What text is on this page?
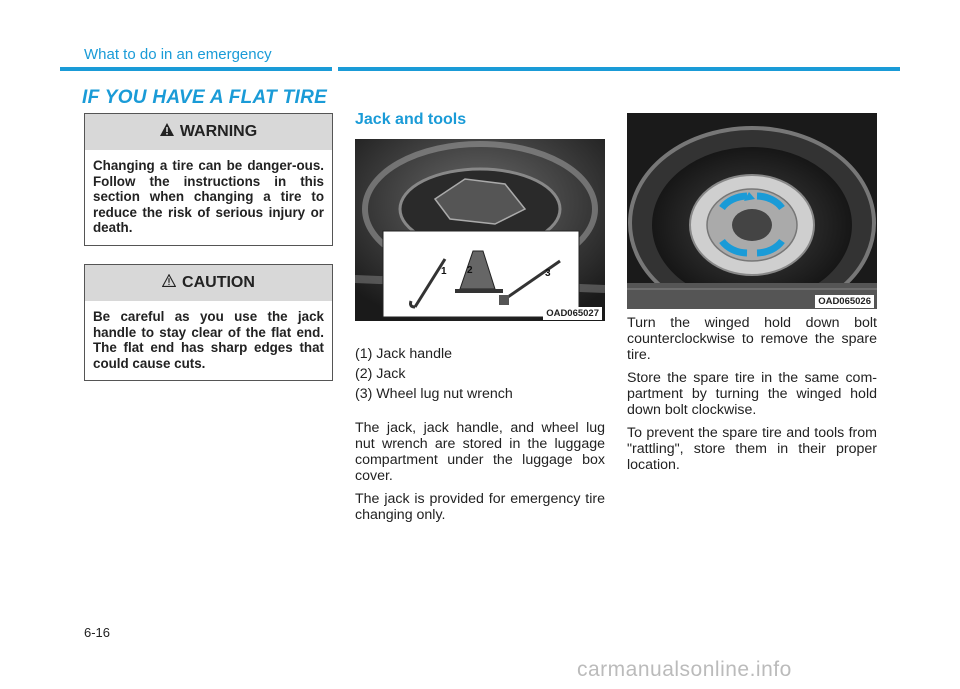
What to do in an emergency
IF YOU HAVE A FLAT TIRE
WARNING
Changing a tire can be danger-ous. Follow the instructions in this section when changing a tire to reduce the risk of serious injury or death.
CAUTION
Be careful as you use the jack handle to stay clear of the flat end. The flat end has sharp edges that could cause cuts.
Jack and tools
1 2	3
OAD065027

(1) Jack handle

(2) Jack

(3) Wheel lug nut wrench

The jack, jack handle, and wheel lug nut wrench are stored in the luggage compartment under the luggage box cover.

The jack is provided for emergency tire changing only.

OAD065026

Turn the winged hold down bolt counterclockwise to remove the spare tire.

Store the spare tire in the same com-partment by turning the winged hold down bolt clockwise.

To prevent the spare tire and tools from "rattling", store them in their proper location.

6-16
carmanualsonline.info
